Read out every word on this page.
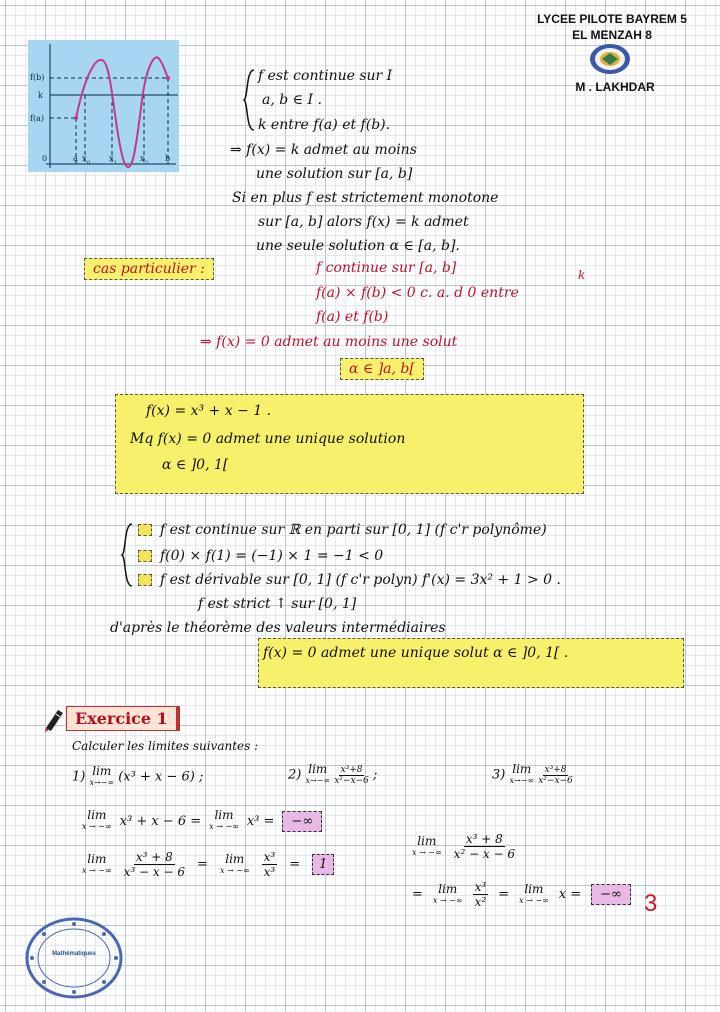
LYCEE PILOTE BAYREM 5
EL MENZAH 8
M . LAKHDAR
f(b)
k
f(a)
0	a x 0 x 1	x 2 b
f est continue sur I
a, b ∈ I .
k entre f(a) et f(b).
⇒ f(x) = k admet au moins
une solution sur [a, b]
Si en plus f est strictement monotone
sur [a, b] alors f(x) = k admet
une seule solution α ∈ [a, b].
cas particulier :	f continue sur [a, b]	k
f(a) × f(b) < 0 c. a. d 0 entre
f(a) et f(b)
⇒ f(x) = 0 admet au moins une solut
α ∈ ]a, b[
f(x) = x³ + x − 1 .
Mq f(x) = 0 admet une unique solution
α ∈ ]0, 1[
f est continue sur ℝ en parti sur [0, 1] (f c'r polynôme)
f(0) × f(1) = (−1) × 1 = −1 < 0
f est dérivable sur [0, 1] (f c'r polyn) f'(x) = 3x² + 1 > 0 .
f est strict ↑ sur [0, 1]
d'après le théorème des valeurs intermédiaires
f(x) = 0 admet une unique solut α ∈ ]0, 1[ .
Exercice 1
Calculer les limites suivantes :
1) lim
x→−∞ (x³ + x − 6) ;	2) lim
x→−∞
$\frac{\text{x³+8}}{\text{x²−x−6}}$ ;	3) lim
x→−∞
$\frac{\text{x³+8}}{\text{x²−x−6}}$
lim
x → −∞ x³ + x − 6 = lim
x → −∞ x³ =	−∞
lim
x → −∞ $\frac{\text{x³ + 8}}{\text{x³ − x − 6}} = \lim$
x → −∞ $\frac{\text{x³}}{\text{x³}}$ =	1
lim
x → −∞ $\frac{\text{x³ + 8}}{\text{x² − x − 6}}$
= lim
x → −∞ $\frac{\text{x³}}{\text{x²}} = \lim$
x → −∞ x =	−∞ 3
Mathématiques
